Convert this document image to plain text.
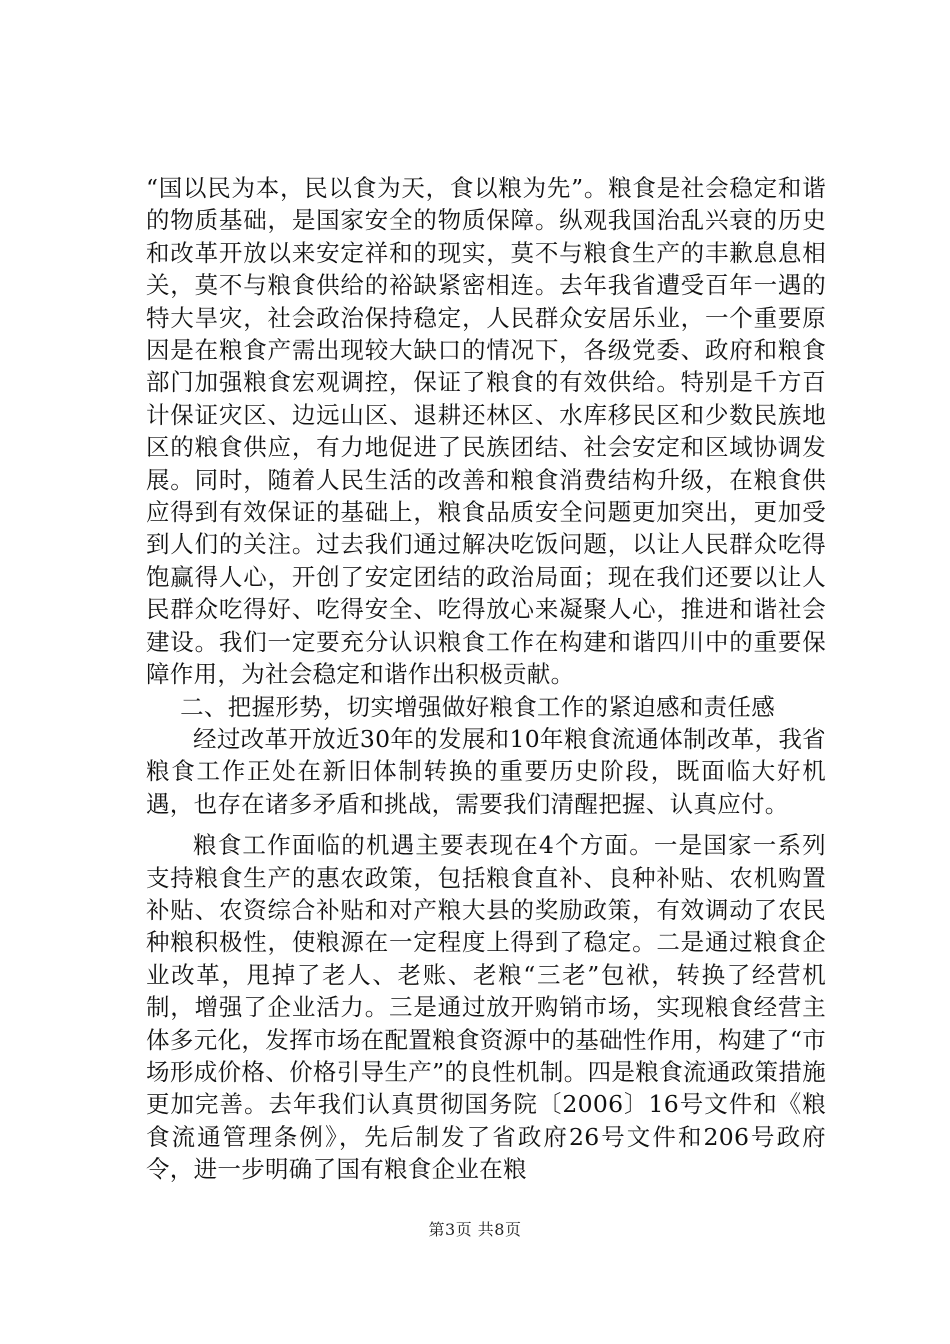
“国以民为本，民以食为天，食以粮为先”。粮食是社会稳定和谐的物质基础，是国家安全的物质保障。纵观我国治乱兴衰的历史和改革开放以来安定祥和的现实，莫不与粮食生产的丰歉息息相关，莫不与粮食供给的裕缺紧密相连。去年我省遭受百年一遇的特大旱灾，社会政治保持稳定，人民群众安居乐业，一个重要原因是在粮食产需出现较大缺口的情况下，各级党委、政府和粮食部门加强粮食宏观调控，保证了粮食的有效供给。特别是千方百计保证灾区、边远山区、退耕还林区、水库移民区和少数民族地区的粮食供应，有力地促进了民族团结、社会安定和区域协调发展。同时，随着人民生活的改善和粮食消费结构升级，在粮食供应得到有效保证的基础上，粮食品质安全问题更加突出，更加受到人们的关注。过去我们通过解决吃饭问题，以让人民群众吃得饱赢得人心，开创了安定团结的政治局面；现在我们还要以让人民群众吃得好、吃得安全、吃得放心来凝聚人心，推进和谐社会建设。我们一定要充分认识粮食工作在构建和谐四川中的重要保障作用，为社会稳定和谐作出积极贡献。

二、把握形势，切实增强做好粮食工作的紧迫感和责任感

经过改革开放近30年的发展和10年粮食流通体制改革，我省粮食工作正处在新旧体制转换的重要历史阶段，既面临大好机遇，也存在诸多矛盾和挑战，需要我们清醒把握、认真应付。

粮食工作面临的机遇主要表现在4个方面。一是国家一系列支持粮食生产的惠农政策，包括粮食直补、良种补贴、农机购置补贴、农资综合补贴和对产粮大县的奖励政策，有效调动了农民种粮积极性，使粮源在一定程度上得到了稳定。二是通过粮食企业改革，甩掉了老人、老账、老粮“三老”包袱，转换了经营机制，增强了企业活力。三是通过放开购销市场，实现粮食经营主体多元化，发挥市场在配置粮食资源中的基础性作用，构建了“市场形成价格、价格引导生产”的良性机制。四是粮食流通政策措施更加完善。去年我们认真贯彻国务院〔2006〕16号文件和《粮食流通管理条例》，先后制发了省政府26号文件和206号政府令，进一步明确了国有粮食企业在粮

第3页 共8页
